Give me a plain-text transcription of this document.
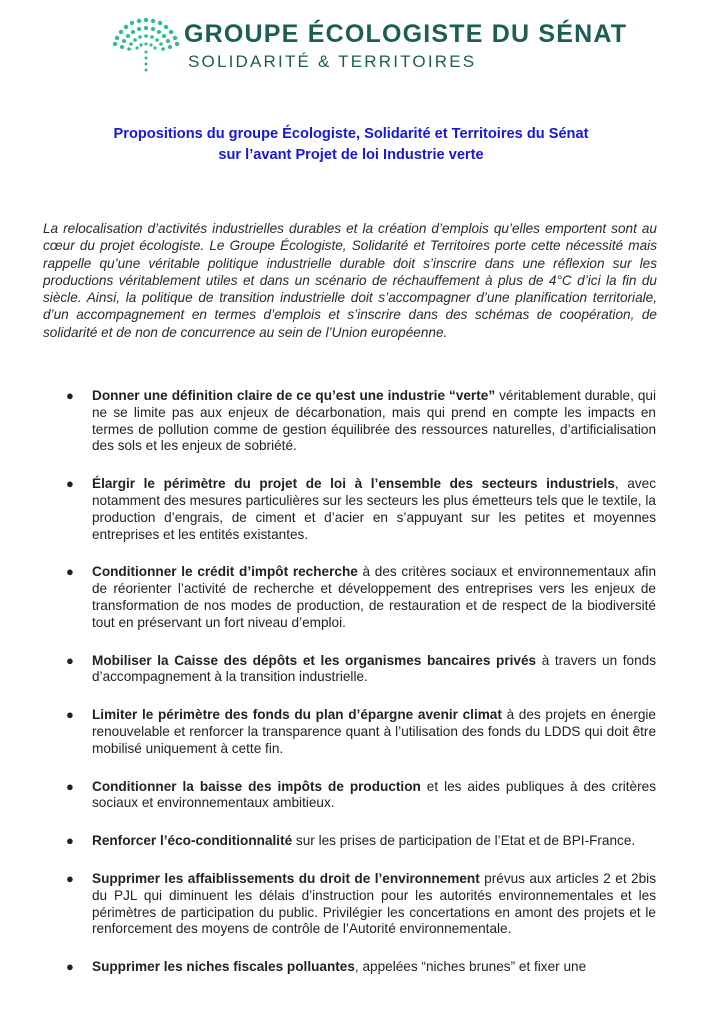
GROUPE ÉCOLOGISTE DU SÉNAT
SOLIDARITÉ & TERRITOIRES
Propositions du groupe Écologiste, Solidarité et Territoires du Sénat
sur l’avant Projet de loi Industrie verte

La relocalisation d’activités industrielles durables et la création d’emplois qu’elles emportent sont au cœur du projet écologiste. Le Groupe Écologiste, Solidarité et Territoires porte cette nécessité mais rappelle qu’une véritable politique industrielle durable doit s’inscrire dans une réflexion sur les productions véritablement utiles et dans un scénario de réchauffement à plus de 4°C d’ici la fin du siècle. Ainsi, la politique de transition industrielle doit s’accompagner d’une planification territoriale, d’un accompagnement en termes d’emplois et s’inscrire dans des schémas de coopération, de solidarité et de non de concurrence au sein de l’Union européenne.

● Donner une définition claire de ce qu’est une industrie “verte” véritablement durable, qui ne se limite pas aux enjeux de décarbonation, mais qui prend en compte les impacts en termes de pollution comme de gestion équilibrée des ressources naturelles, d’artificialisation des sols et les enjeux de sobriété.
● Élargir le périmètre du projet de loi à l’ensemble des secteurs industriels, avec notamment des mesures particulières sur les secteurs les plus émetteurs tels que le textile, la production d’engrais, de ciment et d’acier en s’appuyant sur les petites et moyennes entreprises et les entités existantes.
● Conditionner le crédit d’impôt recherche à des critères sociaux et environnementaux afin de réorienter l’activité de recherche et développement des entreprises vers les enjeux de transformation de nos modes de production, de restauration et de respect de la biodiversité tout en préservant un fort niveau d’emploi.
● Mobiliser la Caisse des dépôts et les organismes bancaires privés à travers un fonds d’accompagnement à la transition industrielle.
● Limiter le périmètre des fonds du plan d’épargne avenir climat à des projets en énergie renouvelable et renforcer la transparence quant à l’utilisation des fonds du LDDS qui doit être mobilisé uniquement à cette fin.
● Conditionner la baisse des impôts de production et les aides publiques à des critères sociaux et environnementaux ambitieux.
● Renforcer l’éco-conditionnalité sur les prises de participation de l’Etat et de BPI-France.
● Supprimer les affaiblissements du droit de l’environnement prévus aux articles 2 et 2bis du PJL qui diminuent les délais d’instruction pour les autorités environnementales et les périmètres de participation du public. Privilégier les concertations en amont des projets et le renforcement des moyens de contrôle de l’Autorité environnementale.
● Supprimer les niches fiscales polluantes, appelées “niches brunes” et fixer une
